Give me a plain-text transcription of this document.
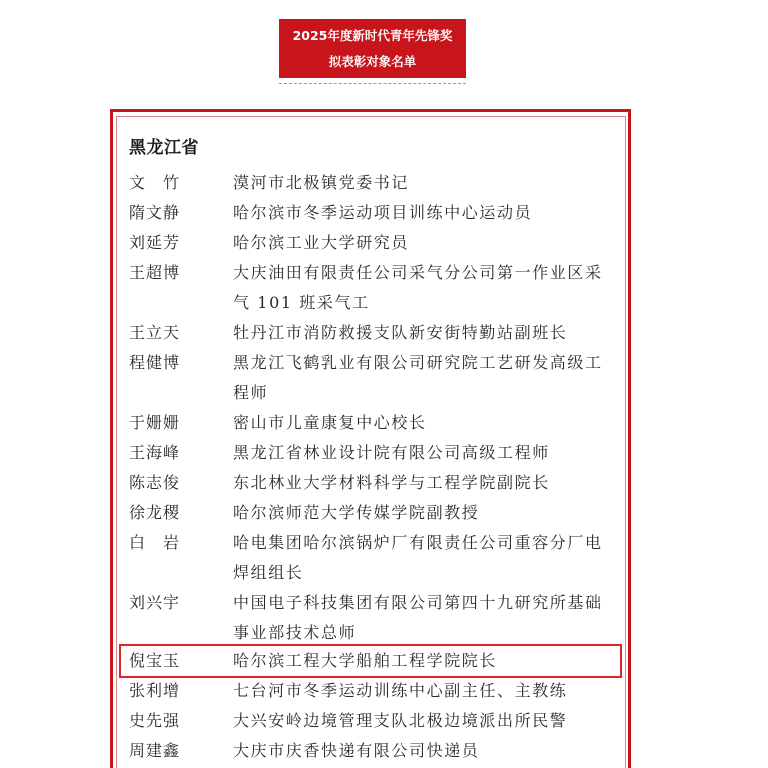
2025年度新时代青年先锋奖
拟表彰对象名单
黑龙江省
文　竹	漠河市北极镇党委书记
隋文静	哈尔滨市冬季运动项目训练中心运动员
刘延芳	哈尔滨工业大学研究员
王超博	大庆油田有限责任公司采气分公司第一作业区采气 101 班采气工
王立天	牡丹江市消防救援支队新安街特勤站副班长
程健博	黑龙江飞鹤乳业有限公司研究院工艺研发高级工程师
于姗姗	密山市儿童康复中心校长
王海峰	黑龙江省林业设计院有限公司高级工程师
陈志俊	东北林业大学材料科学与工程学院副院长
徐龙稷	哈尔滨师范大学传媒学院副教授
白　岩	哈电集团哈尔滨锅炉厂有限责任公司重容分厂电焊组组长
刘兴宇	中国电子科技集团有限公司第四十九研究所基础事业部技术总师
倪宝玉	哈尔滨工程大学船舶工程学院院长
张利增	七台河市冬季运动训练中心副主任、主教练
史先强	大兴安岭边境管理支队北极边境派出所民警
周建鑫	大庆市庆香快递有限公司快递员
